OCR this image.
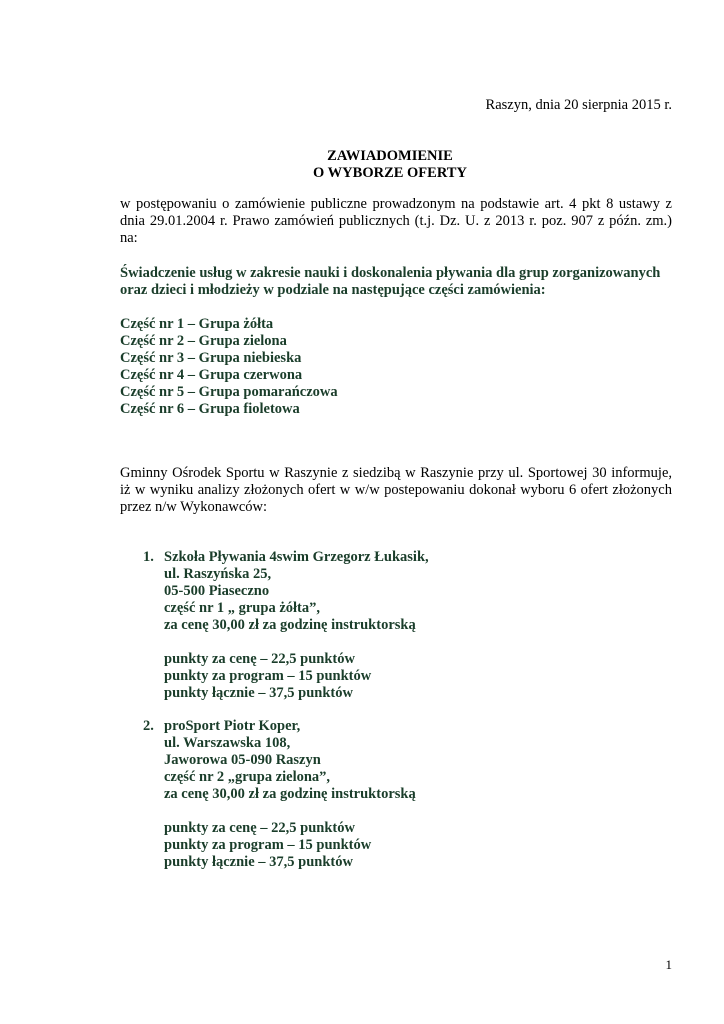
Raszyn, dnia 20 sierpnia 2015 r.
ZAWIADOMIENIE
O WYBORZE OFERTY
w postępowaniu o zamówienie publiczne prowadzonym na podstawie art. 4 pkt 8 ustawy z
dnia 29.01.2004 r. Prawo zamówień publicznych (t.j. Dz. U. z 2013 r. poz. 907 z późn. zm.)
na:
Świadczenie usług w zakresie nauki i doskonalenia pływania dla grup zorganizowanych
oraz dzieci i młodzieży w podziale na następujące części zamówienia:
Część nr 1 – Grupa żółta
Część nr 2 – Grupa zielona
Część nr 3 – Grupa niebieska
Część nr 4 – Grupa czerwona
Część nr 5 – Grupa pomarańczowa
Część nr 6 – Grupa fioletowa
Gminny Ośrodek Sportu w Raszynie z siedzibą w Raszynie przy ul. Sportowej 30 informuje,
iż w wyniku analizy złożonych ofert w w/w postepowaniu dokonał wyboru 6 ofert złożonych
przez n/w Wykonawców:
1. Szkoła Pływania 4swim Grzegorz Łukasik,
ul. Raszyńska 25,
05-500 Piaseczno
część nr 1 „ grupa żółta”,
za cenę 30,00 zł za godzinę instruktorską
punkty za cenę – 22,5 punktów
punkty za program – 15 punktów
punkty łącznie – 37,5 punktów
2. proSport Piotr Koper,
ul. Warszawska 108,
Jaworowa 05-090 Raszyn
część nr 2 „grupa zielona”,
za cenę 30,00 zł za godzinę instruktorską
punkty za cenę – 22,5 punktów
punkty za program – 15 punktów
punkty łącznie – 37,5 punktów
1
